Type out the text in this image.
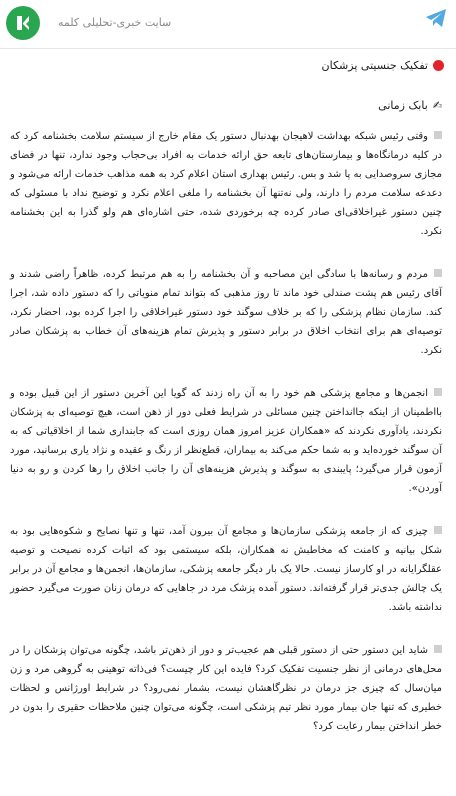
سایت خبری-تحلیلی کلمه
تفکیک جنسیتی پزشکان
✍بابک زمانی

وقتی رئیس شبکه بهداشت لاهیجان بهدنبال دستور یک مقام خارج از سیستم سلامت بخشنامه کرد که در کلیه درمانگاه‌ها و بیمارستان‌های تابعه حق ارائه خدمات به افراد بی‌حجاب وجود ندارد، تنها در فضای مجازی سروصدایی به پا شد و بس. رئیس بهداری استان اعلام کرد به همه مذاهب خدمات ارائه می‌شود و دعدعه سلامت مردم را دارند، ولی نه‌تنها آن بخشنامه را ملغی اعلام نکرد و توضیح نداد با مسئولی که چنین دستور غیراخلاقی‌ای صادر کرده چه برخوردی شده، حتی اشاره‌ای هم ولو گذرا به این بخشنامه نکرد.

مردم و رسانه‌ها با سادگی این مصاحبه و آن بخشنامه را به هم مرتبط کرده، ظاهراً راضی شدند و آقای رئیس هم پشت صندلی خود ماند تا روز مذهبی که بتواند تمام منویاتی را که دستور داده شد، اجرا کند. سازمان نظام پزشکی را که بر خلاف سوگند خود دستور غیراخلاقی را اجرا کرده بود، احضار نکرد، توصیه‌ای هم برای انتخاب اخلاق در برابر دستور و پذیرش تمام هزینه‌های آن خطاب به پزشکان صادر نکرد.

انجمن‌ها و مجامع پزشکی هم خود را به آن راه زدند که گویا این آخرین دستور از این قبیل بوده و بااطمینان از اینکه جاانداختن چنین مسائلی در شرایط فعلی دور از ذهن است، هیچ توصیه‌ای به پزشکان نکردند، یادآوری نکردند که «همکاران عزیز امروز همان روزی است که جابنداری شما از اخلاقیاتی که به آن سوگند خورده‌اید و به شما حکم می‌کند به بیماران، قطع‌نظر از رنگ و عقیده و نژاد یاری برسانید، مورد آزمون قرار می‌گیرد؛ پایبندی به سوگند و پذیرش هزینه‌های آن را جانب اخلاق را رها کردن و رو به دنیا آوردن».

چیزی که از جامعه پزشکی سازمان‌ها و مجامع آن بیرون آمد، تنها و تنها نصایح و شکوه‌هایی بود به شکل بیانیه و کامنت که مخاطبش نه همکاران، بلکه سیستمی بود که اثبات کرده نصیحت و توصیه عقلگرایانه در او کارساز نیست. حالا یک بار دیگر جامعه پزشکی، سازمان‌ها، انجمن‌ها و مجامع آن در برابر یک چالش جدی‌تر قرار گرفته‌اند. دستور آمده پزشک مرد در جاهایی که درمان زنان صورت می‌گیرد حضور نداشته باشد.

شاید این دستور حتی از دستور قبلی هم عجیب‌تر و دور از ذهن‌تر باشد، چگونه می‌توان پزشکان را در محل‌های درمانی از نظر جنسیت تفکیک کرد؟ فایده این کار چیست؟ فی‌ذاته توهینی به گروهی مرد و زن میان‌سال که چیزی جز درمان در نظرگاهشان نیست، بشمار نمی‌رود؟ در شرایط اورژانس و لحظات خطیری که تنها جان بیمار مورد نظر تیم پزشکی است، چگونه می‌توان چنین ملاحظات حقیری را بدون در خطر انداختن بیمار رعایت کرد؟
